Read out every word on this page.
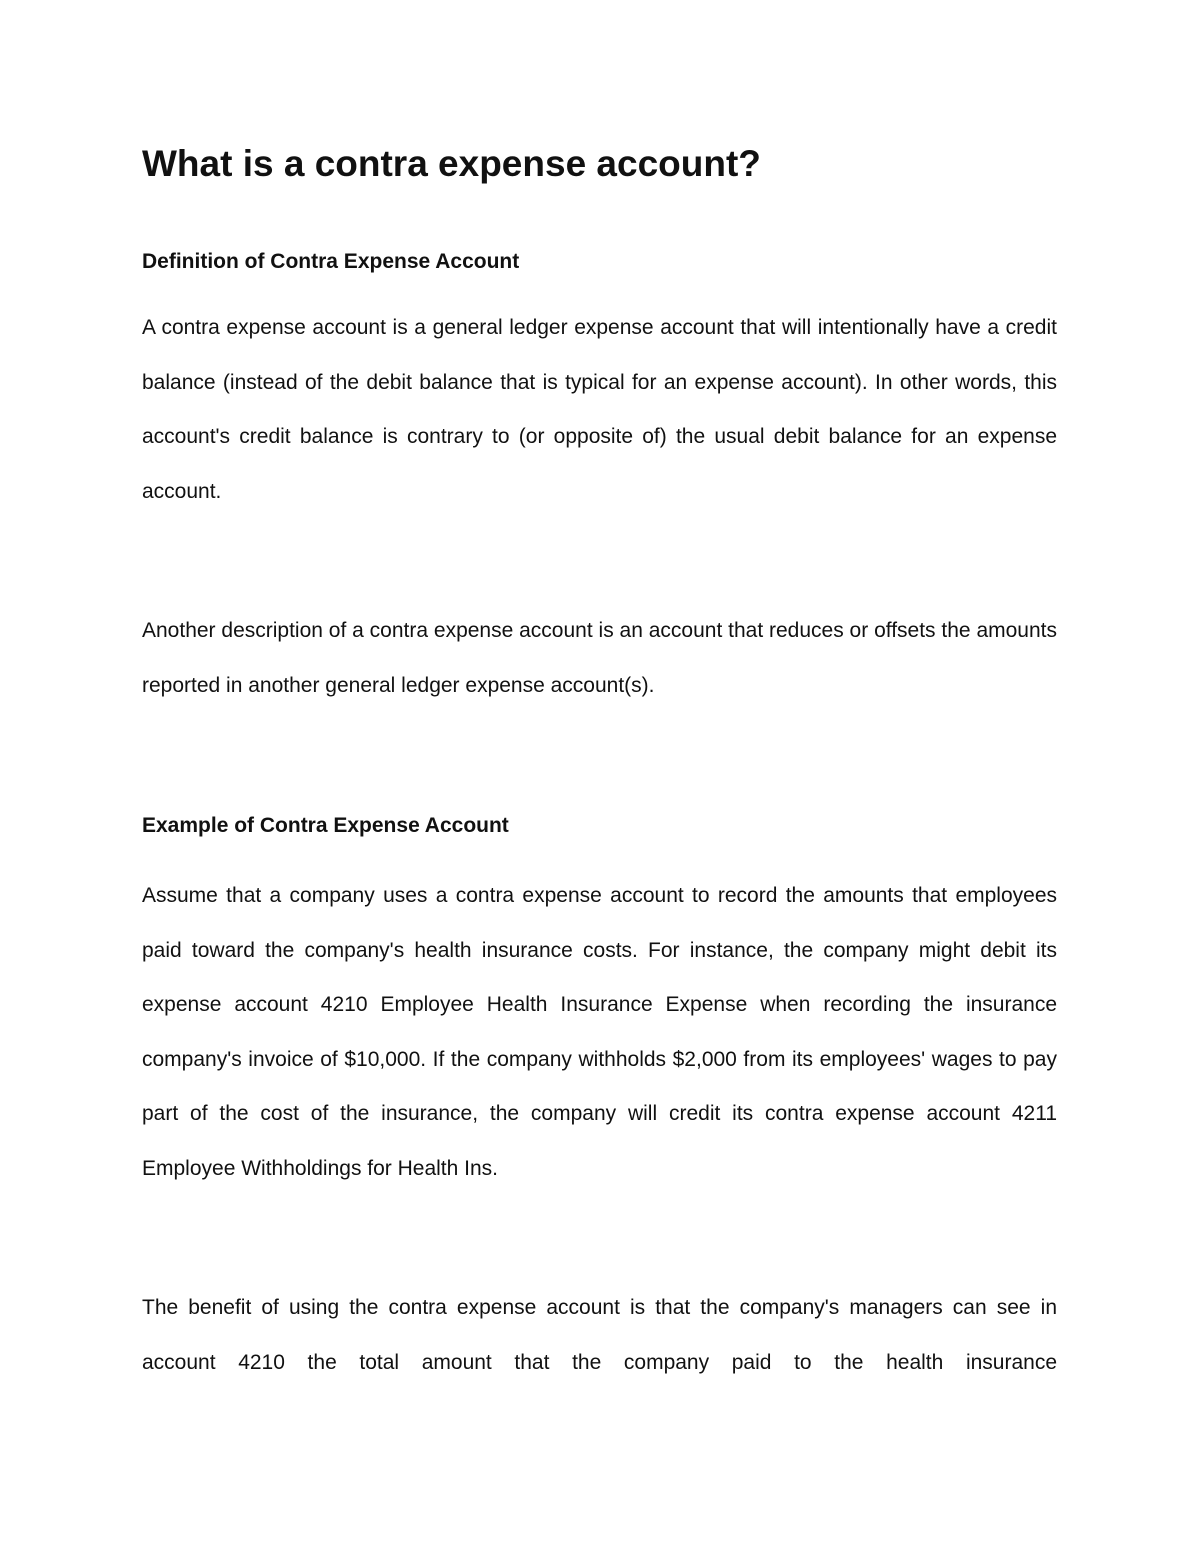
What is a contra expense account?
Definition of Contra Expense Account

A contra expense account is a general ledger expense account that will intentionally have a credit balance (instead of the debit balance that is typical for an expense account). In other words, this account's credit balance is contrary to (or opposite of) the usual debit balance for an expense account.

Another description of a contra expense account is an account that reduces or offsets the amounts reported in another general ledger expense account(s).

Example of Contra Expense Account

Assume that a company uses a contra expense account to record the amounts that employees paid toward the company's health insurance costs. For instance, the company might debit its expense account 4210 Employee Health Insurance Expense when recording the insurance company's invoice of $10,000. If the company withholds $2,000 from its employees' wages to pay part of the cost of the insurance, the company will credit its contra expense account 4211 Employee Withholdings for Health Ins.

The benefit of using the contra expense account is that the company's managers can see in account 4210 the total amount that the company paid to the health insurance
